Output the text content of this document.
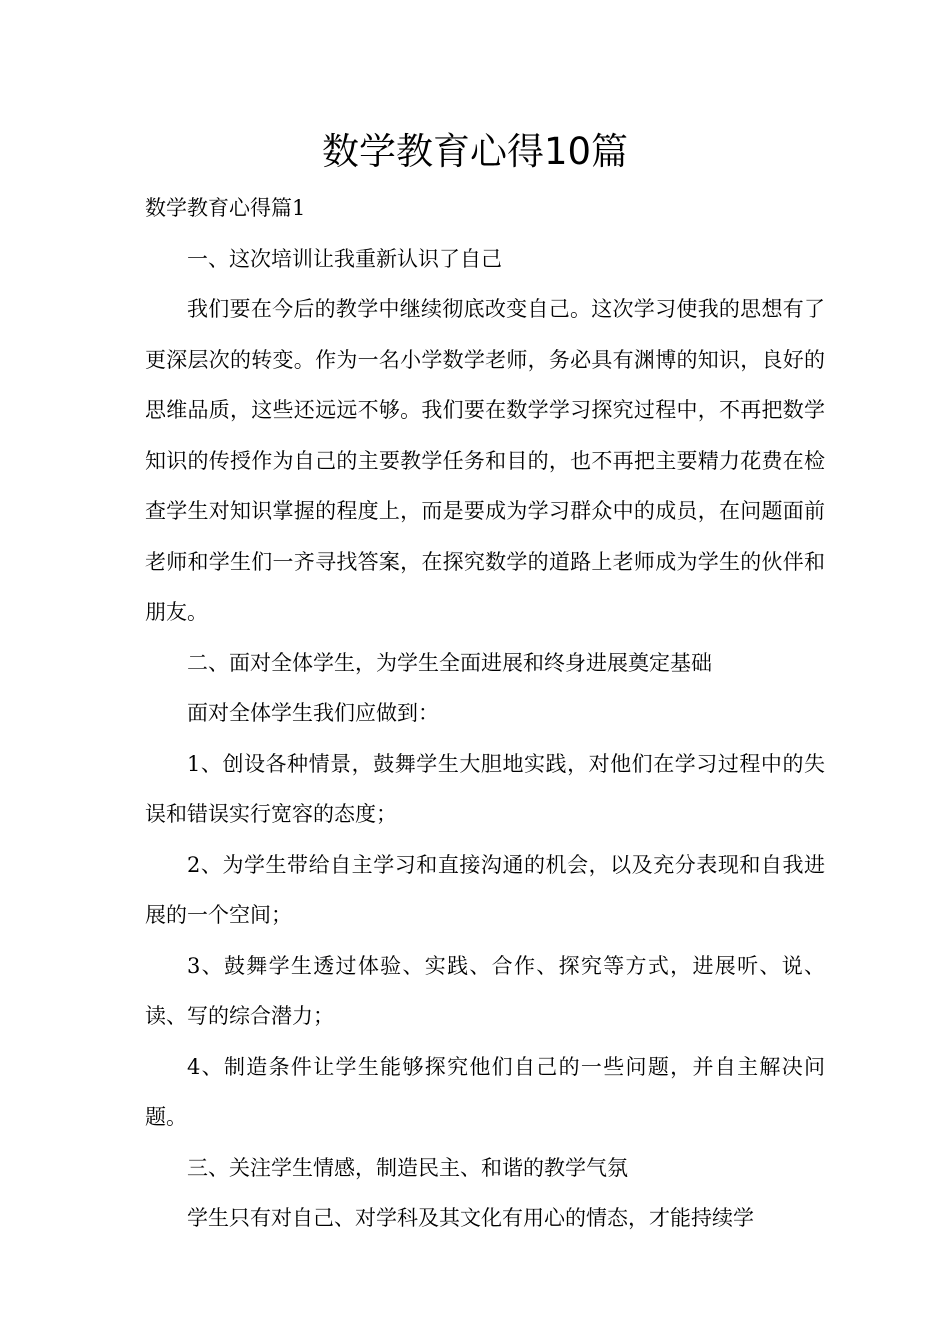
数学教育心得10篇

数学教育心得篇1

一、这次培训让我重新认识了自己

我们要在今后的教学中继续彻底改变自己。这次学习使我的思想有了更深层次的转变。作为一名小学数学老师，务必具有渊博的知识，良好的思维品质，这些还远远不够。我们要在数学学习探究过程中，不再把数学知识的传授作为自己的主要教学任务和目的，也不再把主要精力花费在检查学生对知识掌握的程度上，而是要成为学习群众中的成员，在问题面前老师和学生们一齐寻找答案，在探究数学的道路上老师成为学生的伙伴和朋友。

二、面对全体学生，为学生全面进展和终身进展奠定基础

面对全体学生我们应做到：

1、创设各种情景，鼓舞学生大胆地实践，对他们在学习过程中的失误和错误实行宽容的态度；

2、为学生带给自主学习和直接沟通的机会，以及充分表现和自我进展的一个空间；

3、鼓舞学生透过体验、实践、合作、探究等方式，进展听、说、读、写的综合潜力；

4、制造条件让学生能够探究他们自己的一些问题，并自主解决问题。

三、关注学生情感，制造民主、和谐的教学气氛

学生只有对自己、对学科及其文化有用心的情态，才能持续学
